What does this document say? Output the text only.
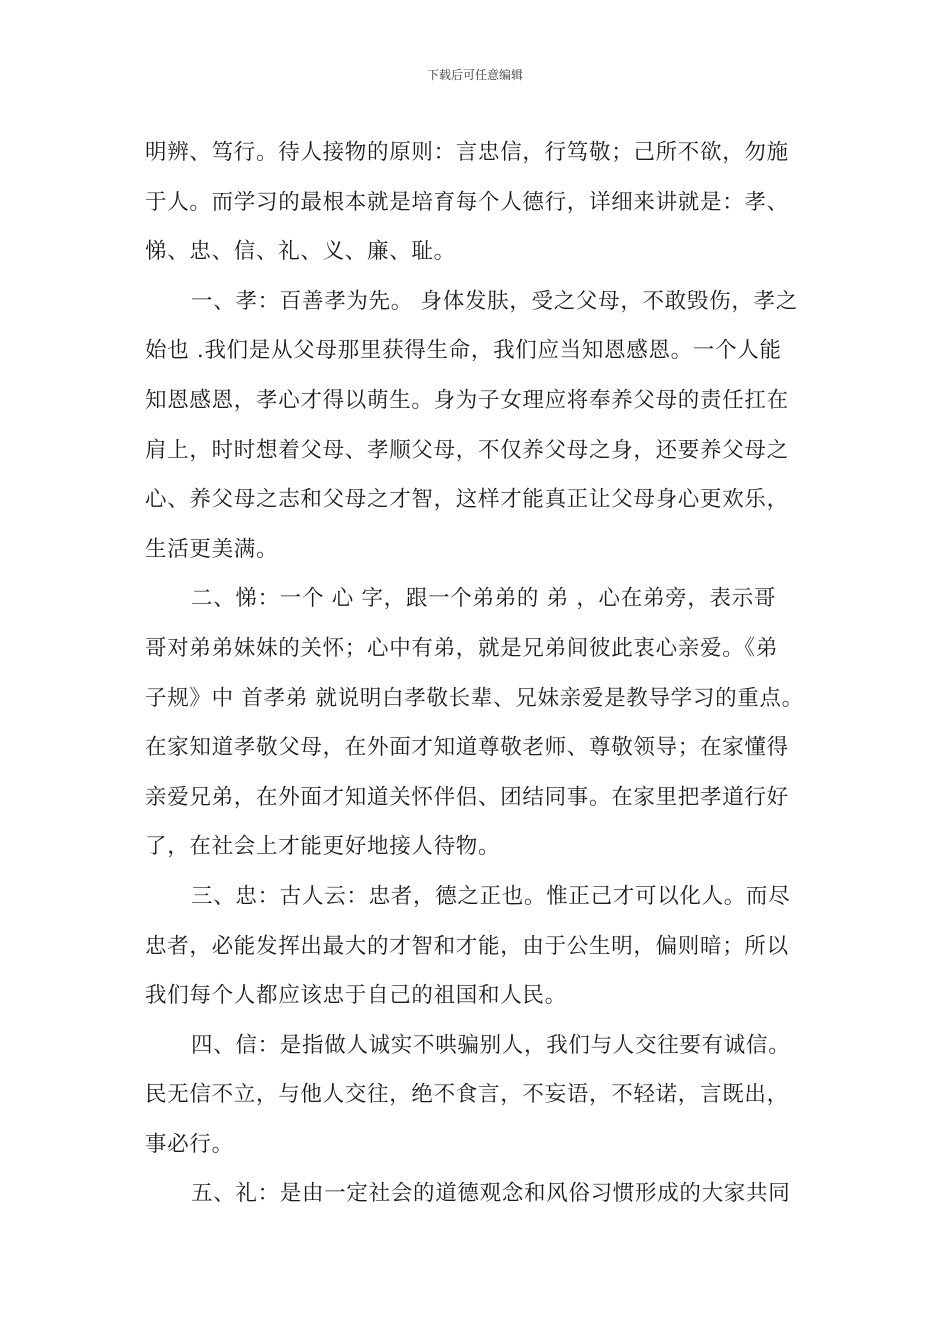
下载后可任意编辑
明辨、笃行。待人接物的原则：言忠信，行笃敬；己所不欲，勿施
于人。而学习的最根本就是培育每个人德行，详细来讲就是：孝、
悌、忠、信、礼、义、廉、耻。
一、孝：百善孝为先。 身体发肤，受之父母，不敢毁伤，孝之
始也 .我们是从父母那里获得生命，我们应当知恩感恩。一个人能
知恩感恩，孝心才得以萌生。身为子女理应将奉养父母的责任扛在
肩上，时时想着父母、孝顺父母，不仅养父母之身，还要养父母之
心、养父母之志和父母之才智，这样才能真正让父母身心更欢乐，
生活更美满。
二、悌：一个 心 字，跟一个弟弟的 弟 ，心在弟旁，表示哥
哥对弟弟妹妹的关怀；心中有弟，就是兄弟间彼此衷心亲爱。《弟
子规》中 首孝弟 就说明白孝敬长辈、兄妹亲爱是教导学习的重点。
在家知道孝敬父母，在外面才知道尊敬老师、尊敬领导；在家懂得
亲爱兄弟，在外面才知道关怀伴侣、团结同事。在家里把孝道行好
了，在社会上才能更好地接人待物。
三、忠：古人云：忠者，德之正也。惟正己才可以化人。而尽
忠者，必能发挥出最大的才智和才能，由于公生明，偏则暗；所以
我们每个人都应该忠于自己的祖国和人民。
四、信：是指做人诚实不哄骗别人，我们与人交往要有诚信。
民无信不立，与他人交往，绝不食言，不妄语，不轻诺，言既出，
事必行。
五、礼：是由一定社会的道德观念和风俗习惯形成的大家共同
